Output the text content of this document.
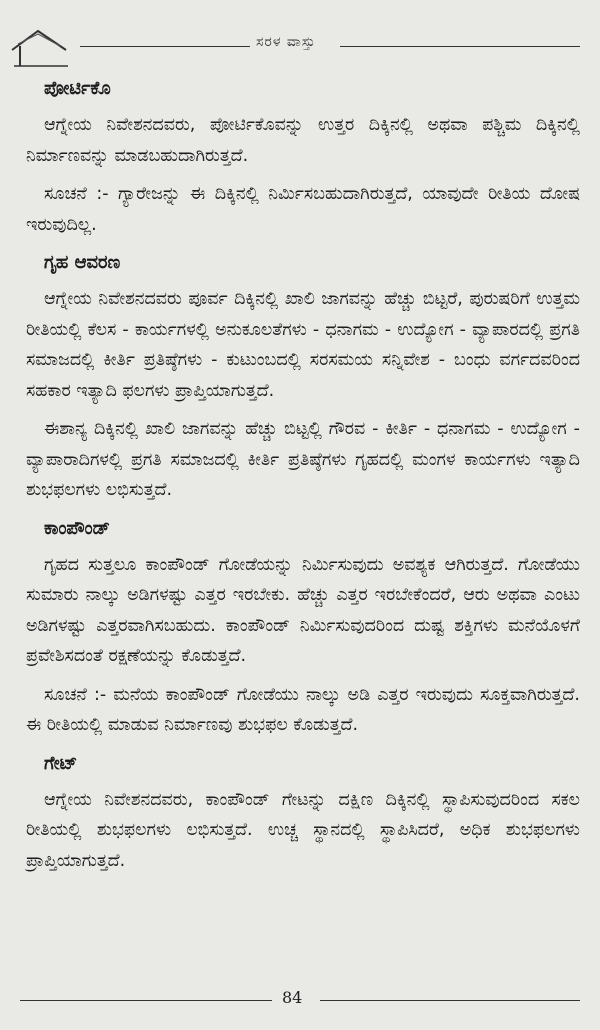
ಸರಳ ವಾಸ್ತು
ಪೋರ್ಟಿಕೊ

ಆಗ್ನೇಯ ನಿವೇಶನದವರು, ಪೋರ್ಟಿಕೊವನ್ನು ಉತ್ತರ ದಿಕ್ಕಿನಲ್ಲಿ ಅಥವಾ ಪಶ್ಚಿಮ ದಿಕ್ಕಿನಲ್ಲಿ ನಿರ್ಮಾಣವನ್ನು ಮಾಡಬಹುದಾಗಿರುತ್ತದೆ.

ಸೂಚನೆ :- ಗ್ಯಾರೇಜನ್ನು ಈ ದಿಕ್ಕಿನಲ್ಲಿ ನಿರ್ಮಿಸಬಹುದಾಗಿರುತ್ತದೆ, ಯಾವುದೇ ರೀತಿಯ ದೋಷ ಇರುವುದಿಲ್ಲ.

ಗೃಹ ಆವರಣ

ಆಗ್ನೇಯ ನಿವೇಶನದವರು ಪೂರ್ವ ದಿಕ್ಕಿನಲ್ಲಿ ಖಾಲಿ ಜಾಗವನ್ನು ಹೆಚ್ಚು ಬಿಟ್ಟರೆ, ಪುರುಷರಿಗೆ ಉತ್ತಮ ರೀತಿಯಲ್ಲಿ ಕೆಲಸ - ಕಾರ್ಯಗಳಲ್ಲಿ ಅನುಕೂಲತೆಗಳು - ಧನಾಗಮ - ಉದ್ಯೋಗ - ವ್ಯಾಪಾರದಲ್ಲಿ ಪ್ರಗತಿ ಸಮಾಜದಲ್ಲಿ ಕೀರ್ತಿ ಪ್ರತಿಷ್ಠೆಗಳು - ಕುಟುಂಬದಲ್ಲಿ ಸರಸಮಯ ಸನ್ನಿವೇಶ - ಬಂಧು ವರ್ಗದವರಿಂದ ಸಹಕಾರ ಇತ್ಯಾದಿ ಫಲಗಳು ಪ್ರಾಪ್ತಿಯಾಗುತ್ತದೆ.

ಈಶಾನ್ಯ ದಿಕ್ಕಿನಲ್ಲಿ ಖಾಲಿ ಜಾಗವನ್ನು ಹೆಚ್ಚು ಬಿಟ್ಟಲ್ಲಿ ಗೌರವ - ಕೀರ್ತಿ - ಧನಾಗಮ - ಉದ್ಯೋಗ - ವ್ಯಾಪಾರಾದಿಗಳಲ್ಲಿ ಪ್ರಗತಿ ಸಮಾಜದಲ್ಲಿ ಕೀರ್ತಿ ಪ್ರತಿಷ್ಠೆಗಳು ಗೃಹದಲ್ಲಿ ಮಂಗಳ ಕಾರ್ಯಗಳು ಇತ್ಯಾದಿ ಶುಭಫಲಗಳು ಲಭಿಸುತ್ತದೆ.

ಕಾಂಪೌಂಡ್

ಗೃಹದ ಸುತ್ತಲೂ ಕಾಂಪೌಂಡ್ ಗೋಡೆಯನ್ನು ನಿರ್ಮಿಸುವುದು ಅವಶ್ಯಕ ಆಗಿರುತ್ತದೆ. ಗೋಡೆಯು ಸುಮಾರು ನಾಲ್ಕು ಅಡಿಗಳಷ್ಟು ಎತ್ತರ ಇರಬೇಕು. ಹೆಚ್ಚು ಎತ್ತರ ಇರಬೇಕೆಂದರೆ, ಆರು ಅಥವಾ ಎಂಟು ಅಡಿಗಳಷ್ಟು ಎತ್ತರವಾಗಿಸಬಹುದು. ಕಾಂಪೌಂಡ್ ನಿರ್ಮಿಸುವುದರಿಂದ ದುಷ್ಟ ಶಕ್ತಿಗಳು ಮನೆಯೊಳಗೆ ಪ್ರವೇಶಿಸದಂತೆ ರಕ್ಷಣೆಯನ್ನು ಕೊಡುತ್ತದೆ.

ಸೂಚನೆ :- ಮನೆಯ ಕಾಂಪೌಂಡ್ ಗೋಡೆಯು ನಾಲ್ಕು ಅಡಿ ಎತ್ತರ ಇರುವುದು ಸೂಕ್ತವಾಗಿರುತ್ತದೆ. ಈ ರೀತಿಯಲ್ಲಿ ಮಾಡುವ ನಿರ್ಮಾಣವು ಶುಭಫಲ ಕೊಡುತ್ತದೆ.

ಗೇಟ್

ಆಗ್ನೇಯ ನಿವೇಶನದವರು, ಕಾಂಪೌಂಡ್ ಗೇಟನ್ನು ದಕ್ಷಿಣ ದಿಕ್ಕಿನಲ್ಲಿ ಸ್ಥಾಪಿಸುವುದರಿಂದ ಸಕಲ ರೀತಿಯಲ್ಲಿ ಶುಭಫಲಗಳು ಲಭಿಸುತ್ತದೆ. ಉಚ್ಚ ಸ್ಥಾನದಲ್ಲಿ ಸ್ಥಾಪಿಸಿದರೆ, ಅಧಿಕ ಶುಭಫಲಗಳು ಪ್ರಾಪ್ತಿಯಾಗುತ್ತದೆ.

84
